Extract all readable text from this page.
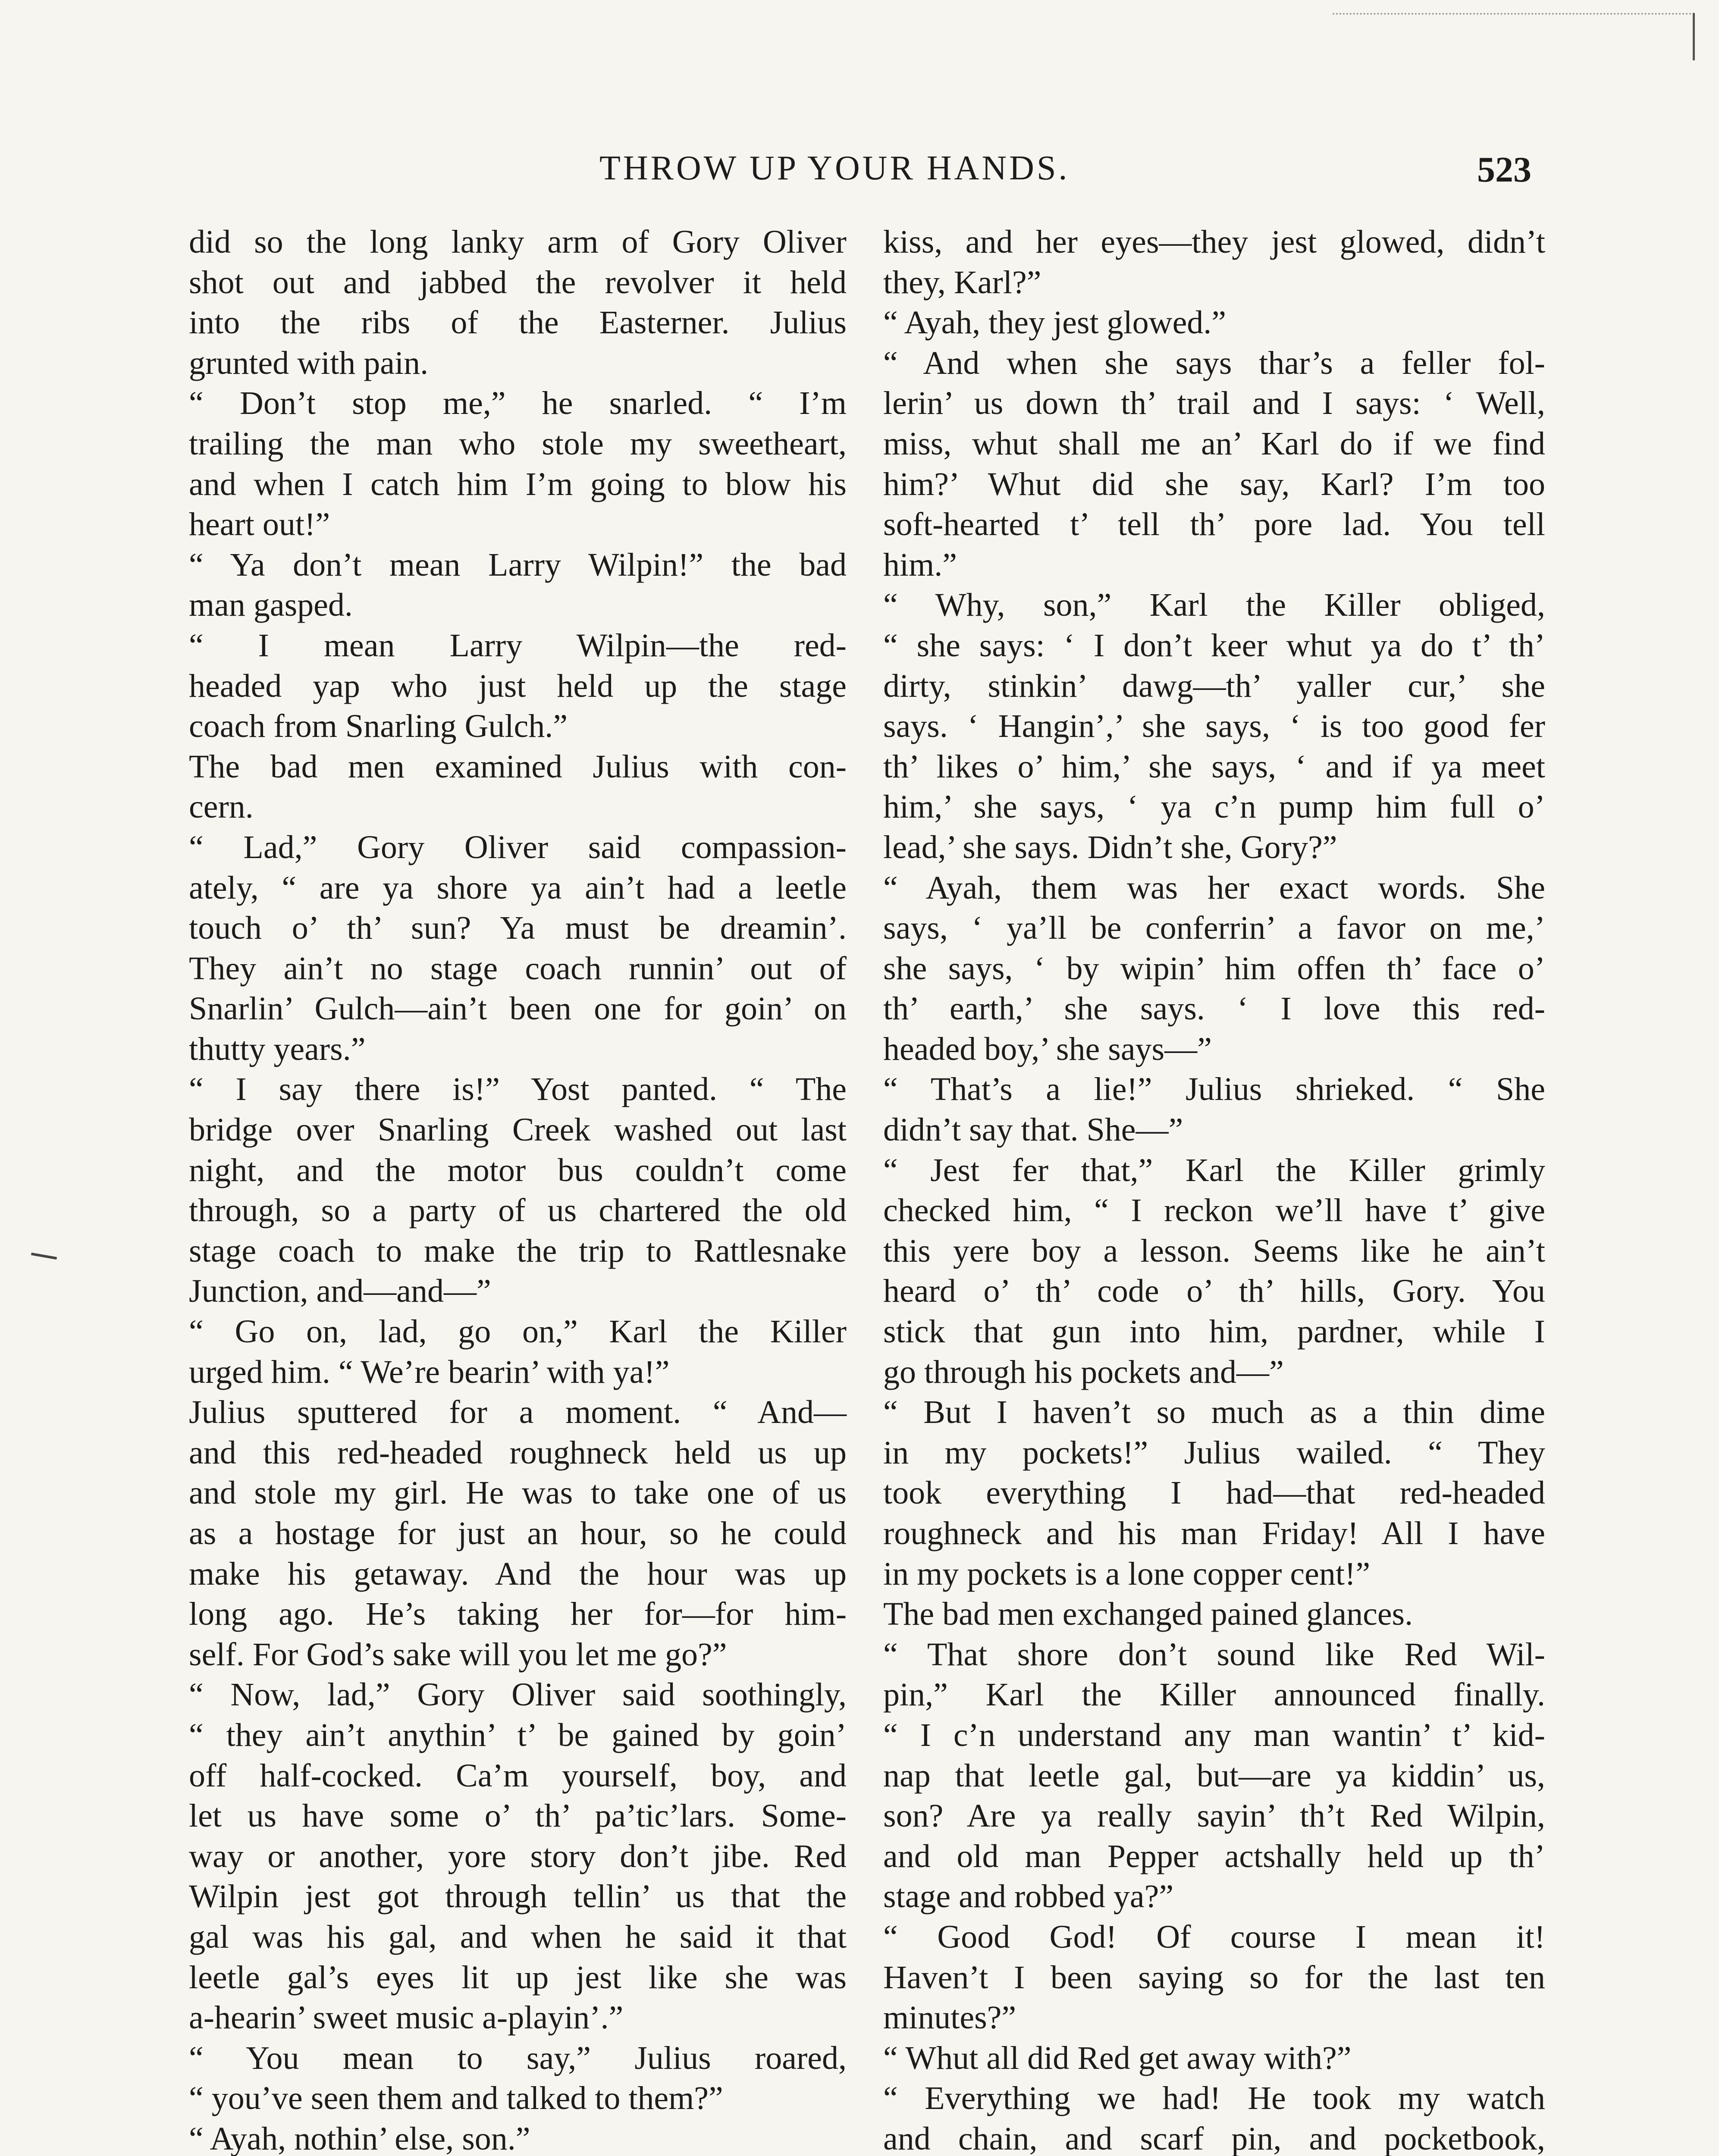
THROW UP YOUR HANDS.	523
did so the long lanky arm of Gory Oliver
shot out and jabbed the revolver it held
into the ribs of the Easterner. Julius
grunted with pain.
“ Don’t stop me,” he snarled. “ I’m
trailing the man who stole my sweetheart,
and when I catch him I’m going to blow his
heart out!”
“ Ya don’t mean Larry Wilpin!” the bad
man gasped.
“ I mean Larry Wilpin—the red-
headed yap who just held up the stage
coach from Snarling Gulch.”
The bad men examined Julius with con-
cern.
“ Lad,” Gory Oliver said compassion-
ately, “ are ya shore ya ain’t had a leetle
touch o’ th’ sun? Ya must be dreamin’.
They ain’t no stage coach runnin’ out of
Snarlin’ Gulch—ain’t been one for goin’ on
thutty years.”
“ I say there is!” Yost panted. “ The
bridge over Snarling Creek washed out last
night, and the motor bus couldn’t come
through, so a party of us chartered the old
stage coach to make the trip to Rattlesnake
Junction, and—and—”
“ Go on, lad, go on,” Karl the Killer
urged him. “ We’re bearin’ with ya!”
Julius sputtered for a moment. “ And—
and this red-headed roughneck held us up
and stole my girl. He was to take one of us
as a hostage for just an hour, so he could
make his getaway. And the hour was up
long ago. He’s taking her for—for him-
self. For God’s sake will you let me go?”
“ Now, lad,” Gory Oliver said soothingly,
“ they ain’t anythin’ t’ be gained by goin’
off half-cocked. Ca’m yourself, boy, and
let us have some o’ th’ pa’tic’lars. Some-
way or another, yore story don’t jibe. Red
Wilpin jest got through tellin’ us that the
gal was his gal, and when he said it that
leetle gal’s eyes lit up jest like she was
a-hearin’ sweet music a-playin’.”
“ You mean to say,” Julius roared,
“ you’ve seen them and talked to them?”
“ Ayah, nothin’ else, son.”
kiss, and her eyes—they jest glowed, didn’t
they, Karl?”
“ Ayah, they jest glowed.”
“ And when she says thar’s a feller fol-
lerin’ us down th’ trail and I says: ‘ Well,
miss, whut shall me an’ Karl do if we find
him?’ Whut did she say, Karl? I’m too
soft-hearted t’ tell th’ pore lad. You tell
him.”
“ Why, son,” Karl the Killer obliged,
“ she says: ‘ I don’t keer whut ya do t’ th’
dirty, stinkin’ dawg—th’ yaller cur,’ she
says. ‘ Hangin’,’ she says, ‘ is too good fer
th’ likes o’ him,’ she says, ‘ and if ya meet
him,’ she says, ‘ ya c’n pump him full o’
lead,’ she says. Didn’t she, Gory?”
“ Ayah, them was her exact words. She
says, ‘ ya’ll be conferrin’ a favor on me,’
she says, ‘ by wipin’ him offen th’ face o’
th’ earth,’ she says. ‘ I love this red-
headed boy,’ she says—”
“ That’s a lie!” Julius shrieked. “ She
didn’t say that. She—”
“ Jest fer that,” Karl the Killer grimly
checked him, “ I reckon we’ll have t’ give
this yere boy a lesson. Seems like he ain’t
heard o’ th’ code o’ th’ hills, Gory. You
stick that gun into him, pardner, while I
go through his pockets and—”
“ But I haven’t so much as a thin dime
in my pockets!” Julius wailed. “ They
took everything I had—that red-headed
roughneck and his man Friday! All I have
in my pockets is a lone copper cent!”
The bad men exchanged pained glances.
“ That shore don’t sound like Red Wil-
pin,” Karl the Killer announced finally.
“ I c’n understand any man wantin’ t’ kid-
nap that leetle gal, but—are ya kiddin’ us,
son? Are ya really sayin’ th’t Red Wilpin,
and old man Pepper actshally held up th’
stage and robbed ya?”
“ Good God! Of course I mean it!
Haven’t I been saying so for the last ten
minutes?”
“ Whut all did Red get away with?”
“ Everything we had! He took my watch
and chain, and scarf pin, and pocketbook,
